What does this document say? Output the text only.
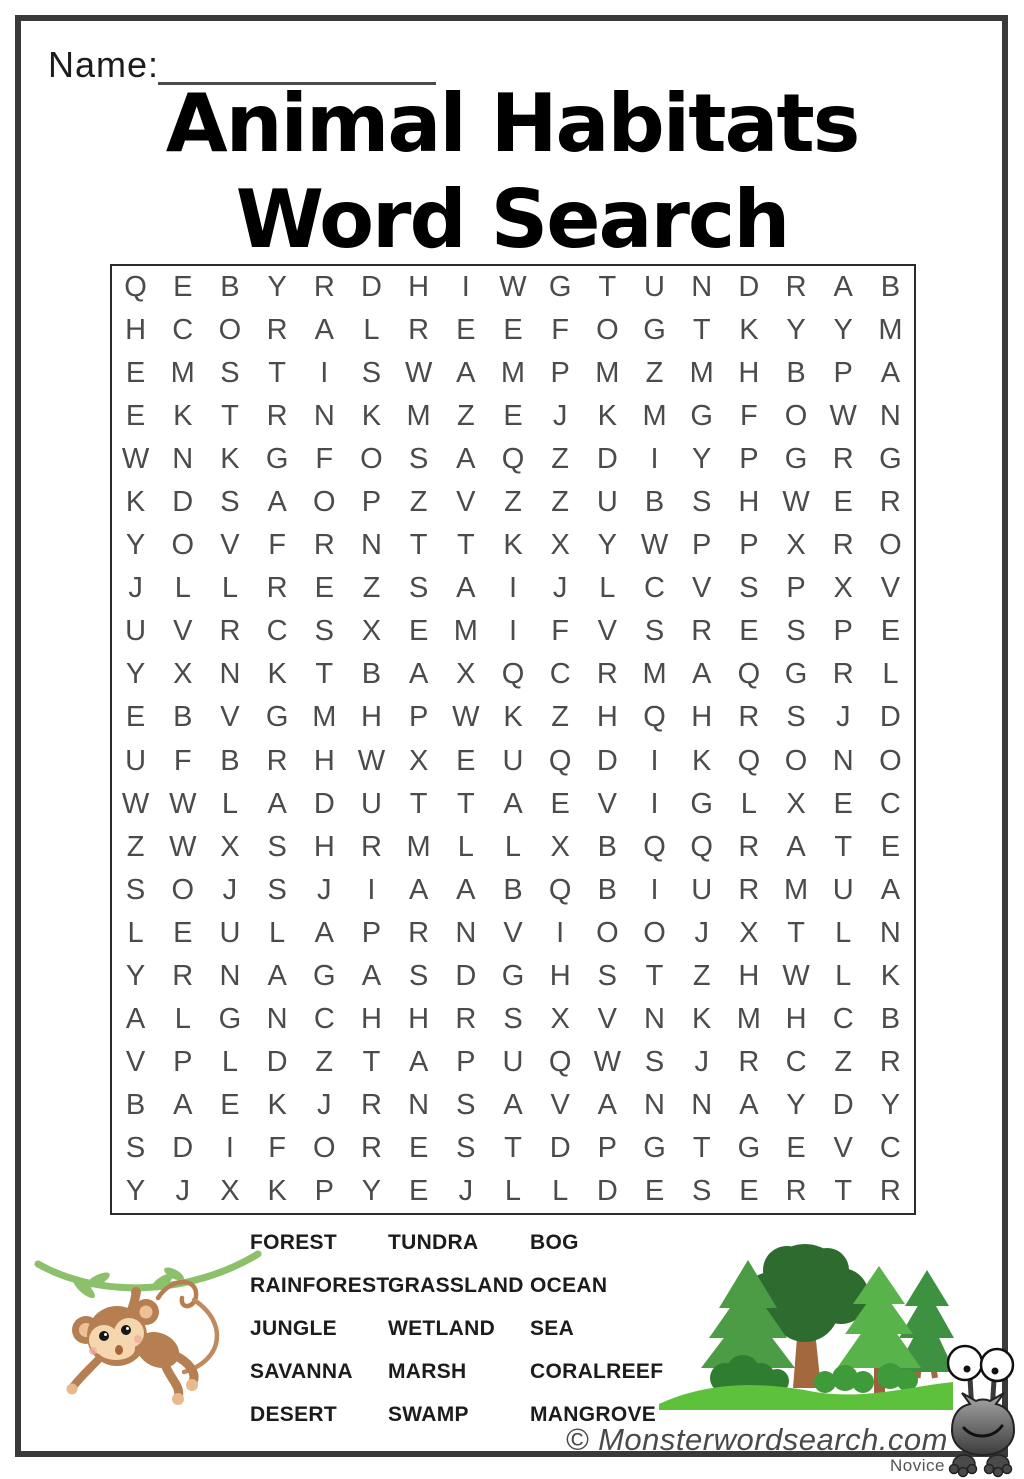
Name:
Animal Habitats
Word Search
Q E B Y R D H	I	W G T U N D R A B
H C O R A	L R E E F O G T K Y Y M
E M S T	I	S W A M P M Z M H B P A
E K T R N K M Z E	J	K M G F O W N
W N K G F O S A Q Z D	I	Y P G R G
K D S A O P Z V Z	Z U B S H W E R
Y O V F R N T	T K X Y W P P X R O
J	L	L R E Z S A	I	J	L C V S P X V
U V R C S X E M	I	F V S R E S P E
Y X N K T B A X Q C R M A Q G R L
E B V G M H P W K Z H Q H R S	J	D
U F B R H W X E U Q D	I	K Q O N O
W W L	A D U T	T A E V	I	G L	X E C
Z W X S H R M L	L	X B Q Q R A T E
S O J	S	J	I	A A B Q B	I	U R M U A
L	E U L	A P R N V	I	O O J	X T	L N
Y R N A G A S D G H S T	Z H W L	K
A	L G N C H H R S X V N K M H C B
V P	L D Z	T A P U Q W S	J	R C Z R
B A E K	J	R N S A V A N N A Y D Y
S D	I	F O R E S T D P G T G E V C
Y	J	X K P Y E	J	L	L D E S E R T R
FOREST
RAINFOREST
JUNGLE
SAVANNA
DESERT
TUNDRA
GRASSLAND
WETLAND
MARSH
SWAMP
BOG
OCEAN
SEA
CORALREEF
MANGROVE
© Monsterwordsearch.com
Novice
